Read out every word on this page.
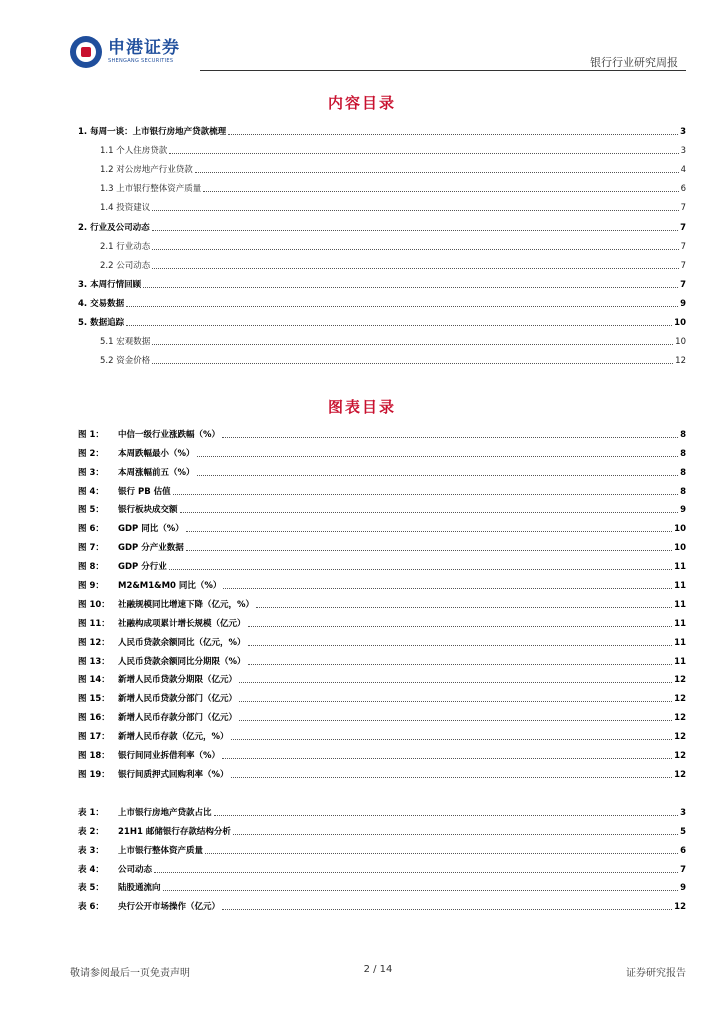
申港证券
SHENGANG SECURITIES	银行行业研究周报
内容目录
1. 每周一谈：上市银行房地产贷款梳理	3
1.1 个人住房贷款	3
1.2 对公房地产行业贷款	4
1.3 上市银行整体资产质量	6
1.4 投资建议	7
2. 行业及公司动态	7
2.1 行业动态	7
2.2 公司动态	7
3. 本周行情回顾	7
4. 交易数据	9
5. 数据追踪	10
5.1 宏观数据	10
5.2 资金价格	12
图表目录
图 1：	中信一级行业涨跌幅（%）	8
图 2：	本周跌幅最小（%）	8
图 3：	本周涨幅前五（%）	8
图 4：	银行 PB 估值	8
图 5：	银行板块成交额	9
图 6：	GDP 同比（%）	10
图 7：	GDP 分产业数据	10
图 8：	GDP 分行业	11
图 9：	M2&M1&M0 同比（%）	11
图 10： 社融规模同比增速下降（亿元，%）	11
图 11： 社融构成项累计增长规模（亿元）	11
图 12： 人民币贷款余额同比（亿元，%）	11
图 13： 人民币贷款余额同比分期限（%）	11
图 14： 新增人民币贷款分期限（亿元）	12
图 15： 新增人民币贷款分部门（亿元）	12
图 16： 新增人民币存款分部门（亿元）	12
图 17： 新增人民币存款（亿元，%）	12
图 18： 银行间同业拆借利率（%）	12
图 19： 银行间质押式回购利率（%）	12
表 1：	上市银行房地产贷款占比	3
表 2：	21H1 邮储银行存款结构分析	5
表 3：	上市银行整体资产质量	6
表 4：	公司动态	7
表 5：	陆股通流向	9
表 6：	央行公开市场操作（亿元）	12
敬请参阅最后一页免责声明	2 / 14	证券研究报告
